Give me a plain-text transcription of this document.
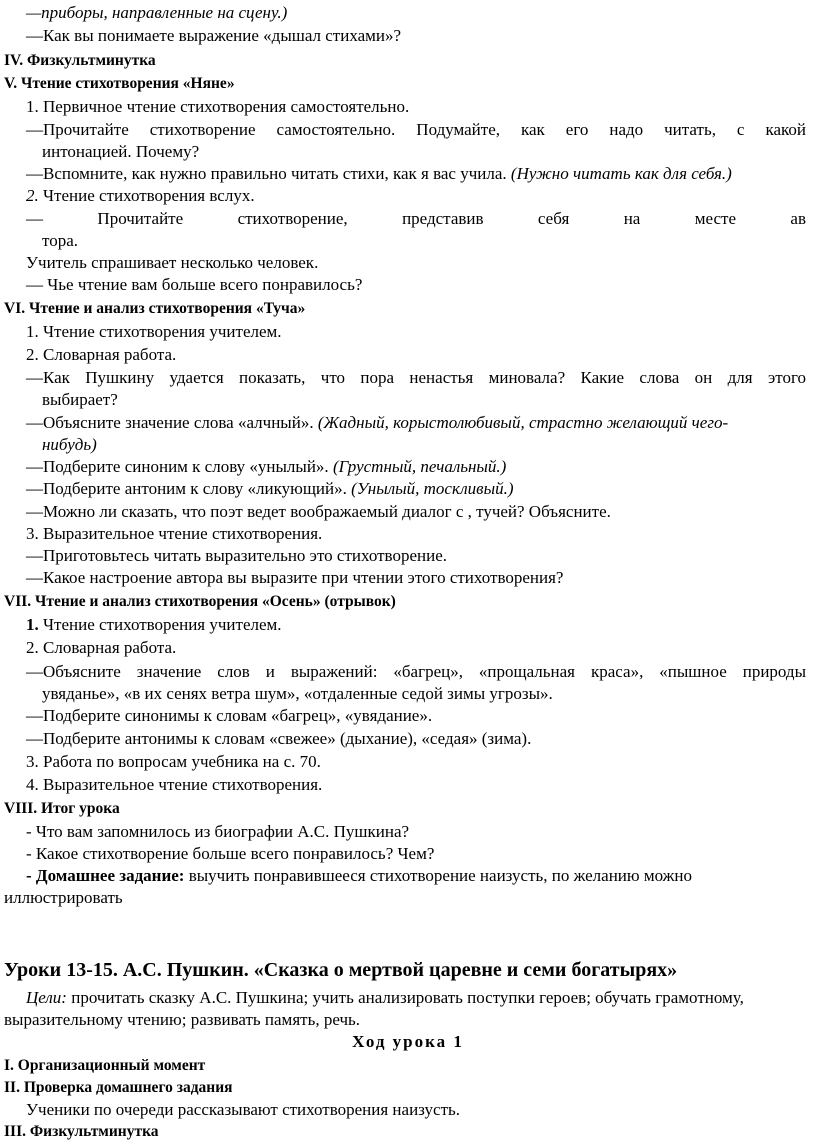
—приборы, направленные на сцену.)
—Как вы понимаете выражение «дышал стихами»?
IV. Физкультминутка
V. Чтение стихотворения «Няне»
1. Первичное чтение стихотворения самостоятельно.
—Прочитайте стихотворение самостоятельно. Подумайте, как его надо читать, с какой
интонацией. Почему?
—Вспомните, как нужно правильно читать стихи, как я вас учила. (Нужно читать как для себя.)
2. Чтение стихотворения вслух.
— Прочитайте стихотворение, представив себя на месте ав
тора.
Учитель спрашивает несколько человек.
— Чье чтение вам больше всего понравилось?
VI. Чтение и анализ стихотворения «Туча»
1. Чтение стихотворения учителем.
2. Словарная работа.
—Как Пушкину удается показать, что пора ненастья миновала? Какие слова он для этого
выбирает?
—Объясните значение слова «алчный». (Жадный, корыстолюбивый, страстно желающий чего-
нибудь)
—Подберите синоним к слову «унылый». (Грустный, печальный.)
—Подберите антоним к слову «ликующий». (Унылый, тоскливый.)
—Можно ли сказать, что поэт ведет воображаемый диалог с , тучей? Объясните.
3. Выразительное чтение стихотворения.
—Приготовьтесь читать выразительно это стихотворение.
—Какое настроение автора вы выразите при чтении этого стихотворения?
VII. Чтение и анализ стихотворения «Осень» (отрывок)
1. Чтение стихотворения учителем.
2. Словарная работа.
—Объясните значение слов и выражений: «багрец», «прощальная краса», «пышное природы
увяданье», «в их сенях ветра шум», «отдаленные седой зимы угрозы».
—Подберите синонимы к словам «багрец», «увядание».
—Подберите антонимы к словам «свежее» (дыхание), «седая» (зима).
3. Работа по вопросам учебника на с. 70.
4. Выразительное чтение стихотворения.
VIII. Итог урока
- Что вам запомнилось из биографии А.С. Пушкина?
- Какое стихотворение больше всего понравилось? Чем?
- Домашнее задание: выучить понравившееся стихотворение наизусть, по желанию можно
иллюстрировать
Уроки 13-15. А.С. Пушкин. «Сказка о мертвой царевне и семи богатырях»
Цели: прочитать сказку А.С. Пушкина; учить анализировать поступки героев; обучать грамотному,
выразительному чтению; развивать память, речь.
Ход урока 1
I. Организационный момент
II. Проверка домашнего задания
Ученики по очереди рассказывают стихотворения наизусть.
III. Физкультминутка
